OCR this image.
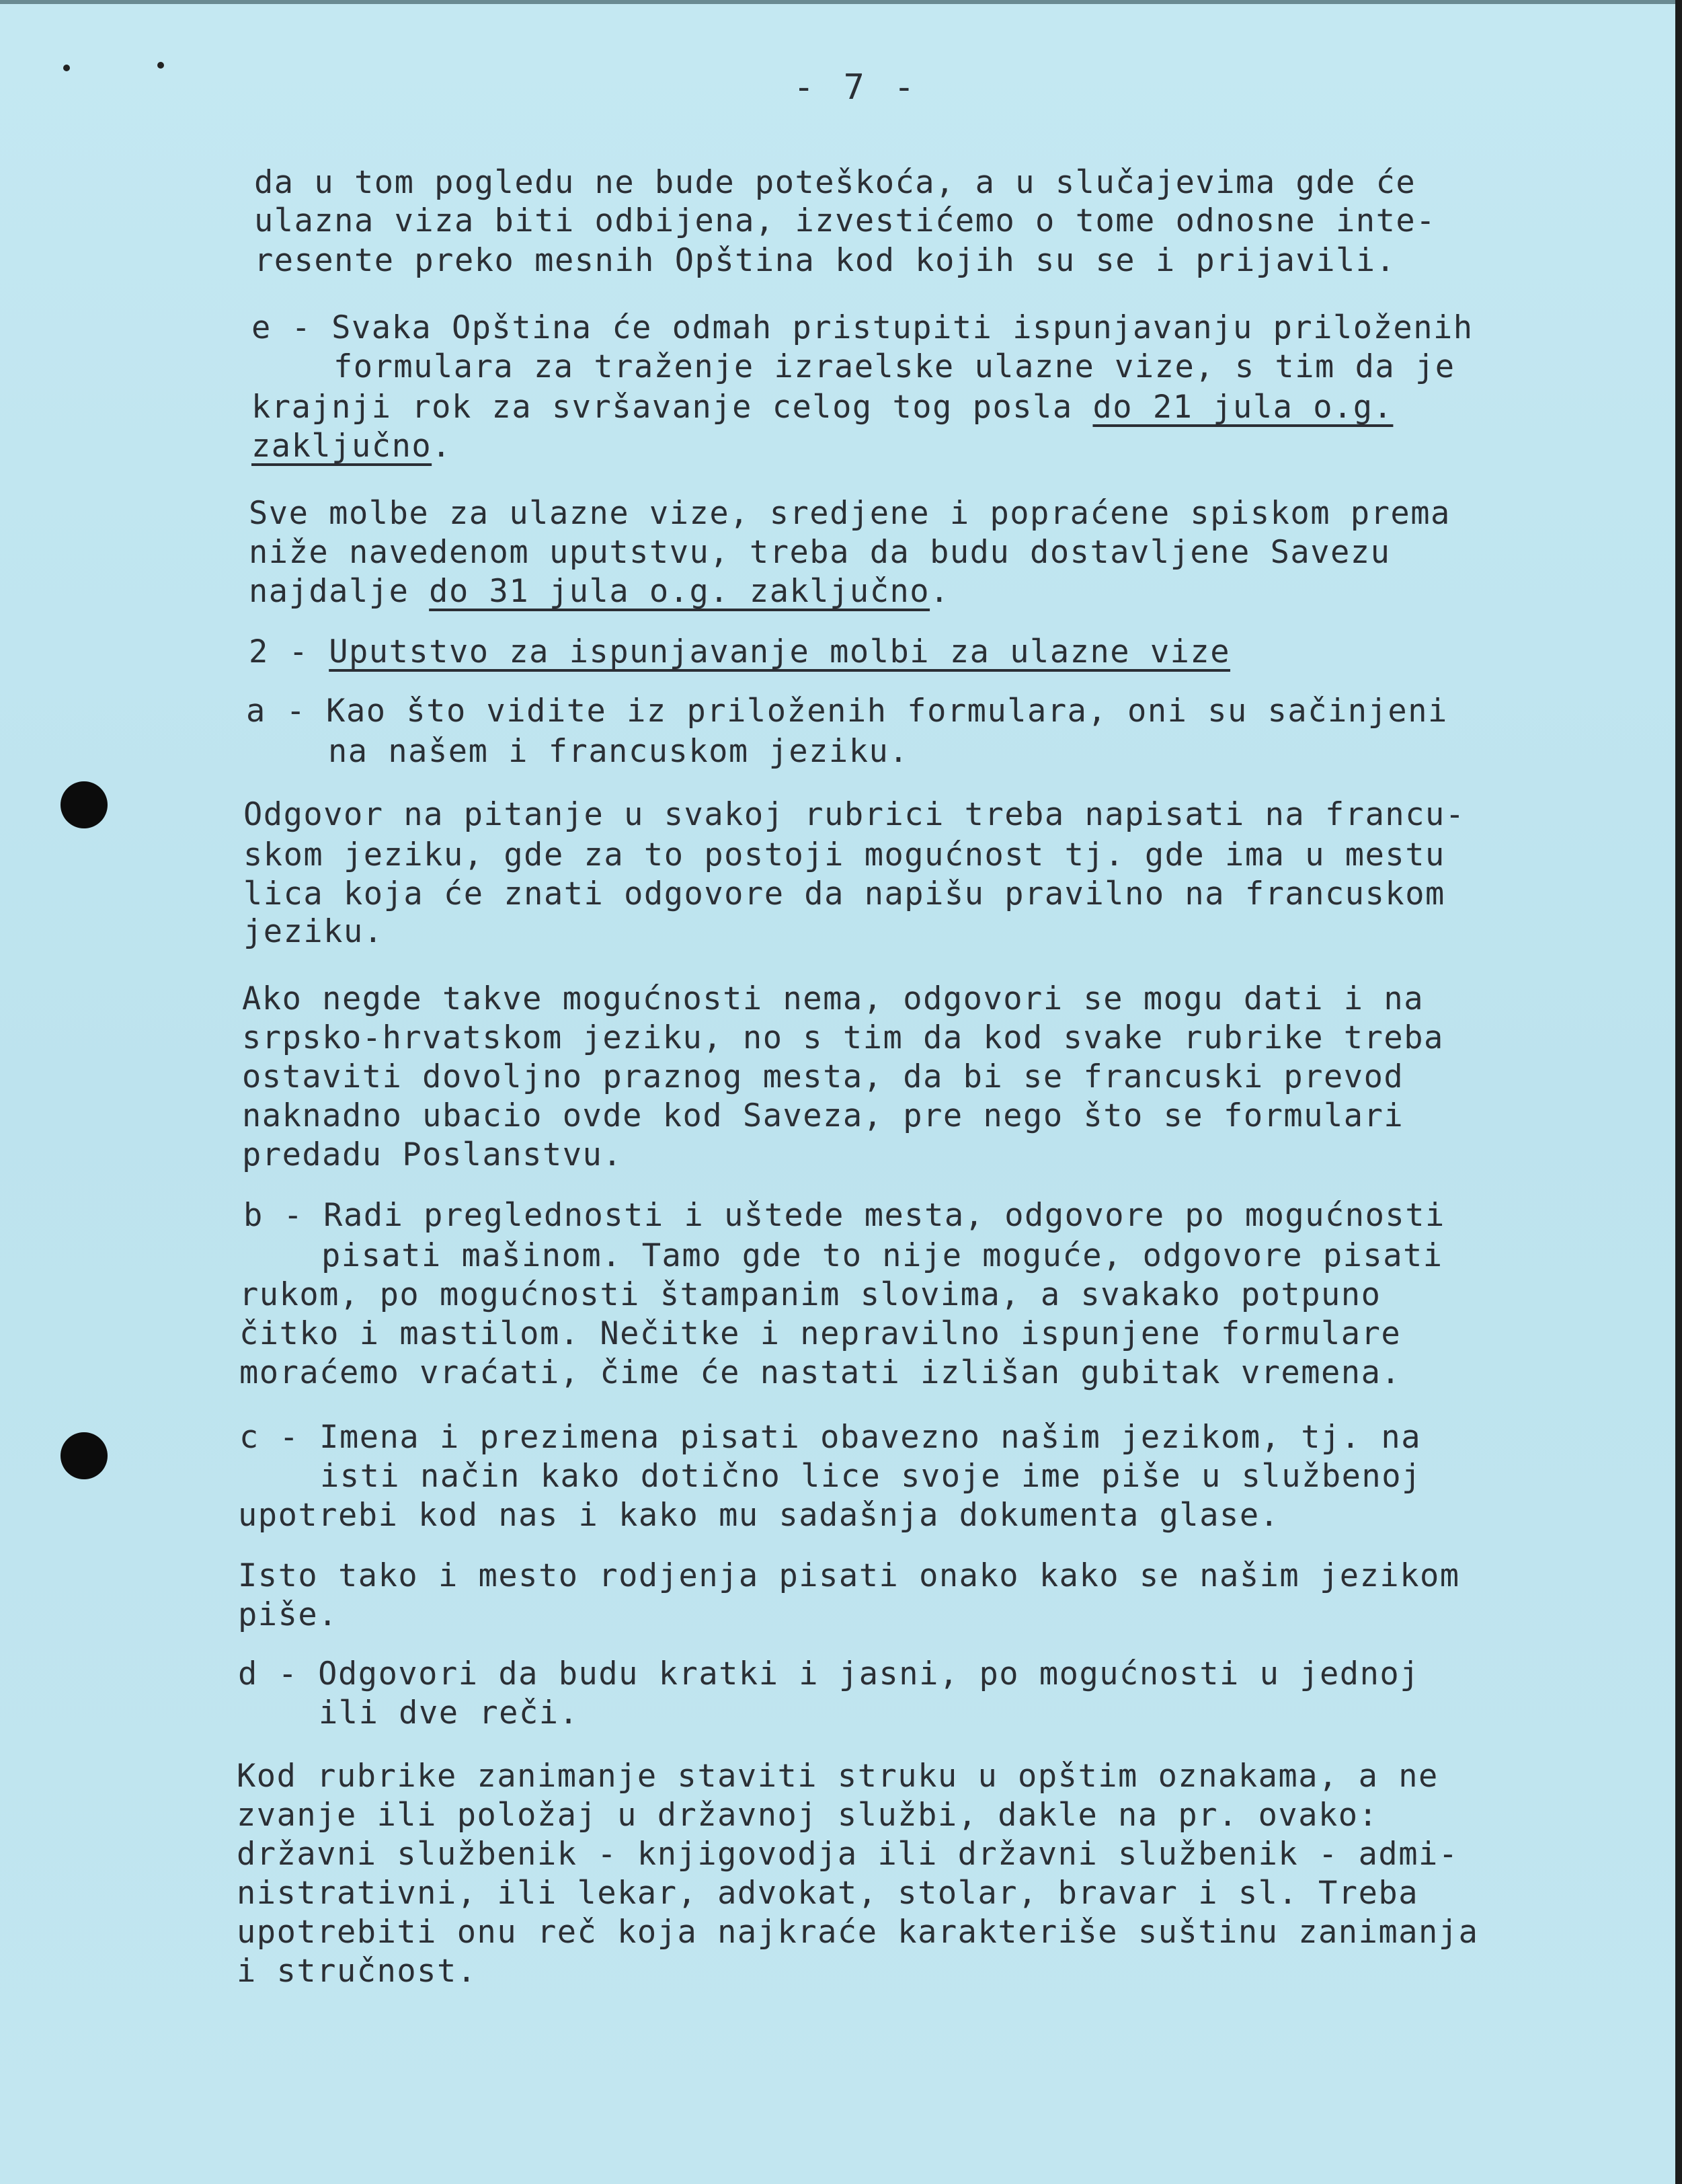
- 7 -
da u tom pogledu ne bude poteškoća, a u slučajevima gde će
ulazna viza biti odbijena, izvestićemo o tome odnosne inte-
resente preko mesnih Opština kod kojih su se i prijavili.
e - Svaka Opština će odmah pristupiti ispunjavanju priloženih
formulara za traženje izraelske ulazne vize, s tim da je
krajnji rok za svršavanje celog tog posla do 21 jula o.g.
zaključno.
Sve molbe za ulazne vize, sredjene i popraćene spiskom prema
niže navedenom uputstvu, treba da budu dostavljene Savezu
najdalje do 31 jula o.g. zaključno.
2 - Uputstvo za ispunjavanje molbi za ulazne vize
a - Kao što vidite iz priloženih formulara, oni su sačinjeni
na našem i francuskom jeziku.
Odgovor na pitanje u svakoj rubrici treba napisati na francu-
skom jeziku, gde za to postoji mogućnost tj. gde ima u mestu
lica koja će znati odgovore da napišu pravilno na francuskom
jeziku.
Ako negde takve mogućnosti nema, odgovori se mogu dati i na
srpsko-hrvatskom jeziku, no s tim da kod svake rubrike treba
ostaviti dovoljno praznog mesta, da bi se francuski prevod
naknadno ubacio ovde kod Saveza, pre nego što se formulari
predadu Poslanstvu.
b - Radi preglednosti i uštede mesta, odgovore po mogućnosti
pisati mašinom. Tamo gde to nije moguće, odgovore pisati
rukom, po mogućnosti štampanim slovima, a svakako potpuno
čitko i mastilom. Nečitke i nepravilno ispunjene formulare
moraćemo vraćati, čime će nastati izlišan gubitak vremena.
c - Imena i prezimena pisati obavezno našim jezikom, tj. na
isti način kako dotično lice svoje ime piše u službenoj
upotrebi kod nas i kako mu sadašnja dokumenta glase.
Isto tako i mesto rodjenja pisati onako kako se našim jezikom
piše.
d - Odgovori da budu kratki i jasni, po mogućnosti u jednoj
ili dve reči.
Kod rubrike zanimanje staviti struku u opštim oznakama, a ne
zvanje ili položaj u državnoj službi, dakle na pr. ovako:
državni službenik - knjigovodja ili državni službenik - admi-
nistrativni, ili lekar, advokat, stolar, bravar i sl. Treba
upotrebiti onu reč koja najkraće karakteriše suštinu zanimanja
i stručnost.
